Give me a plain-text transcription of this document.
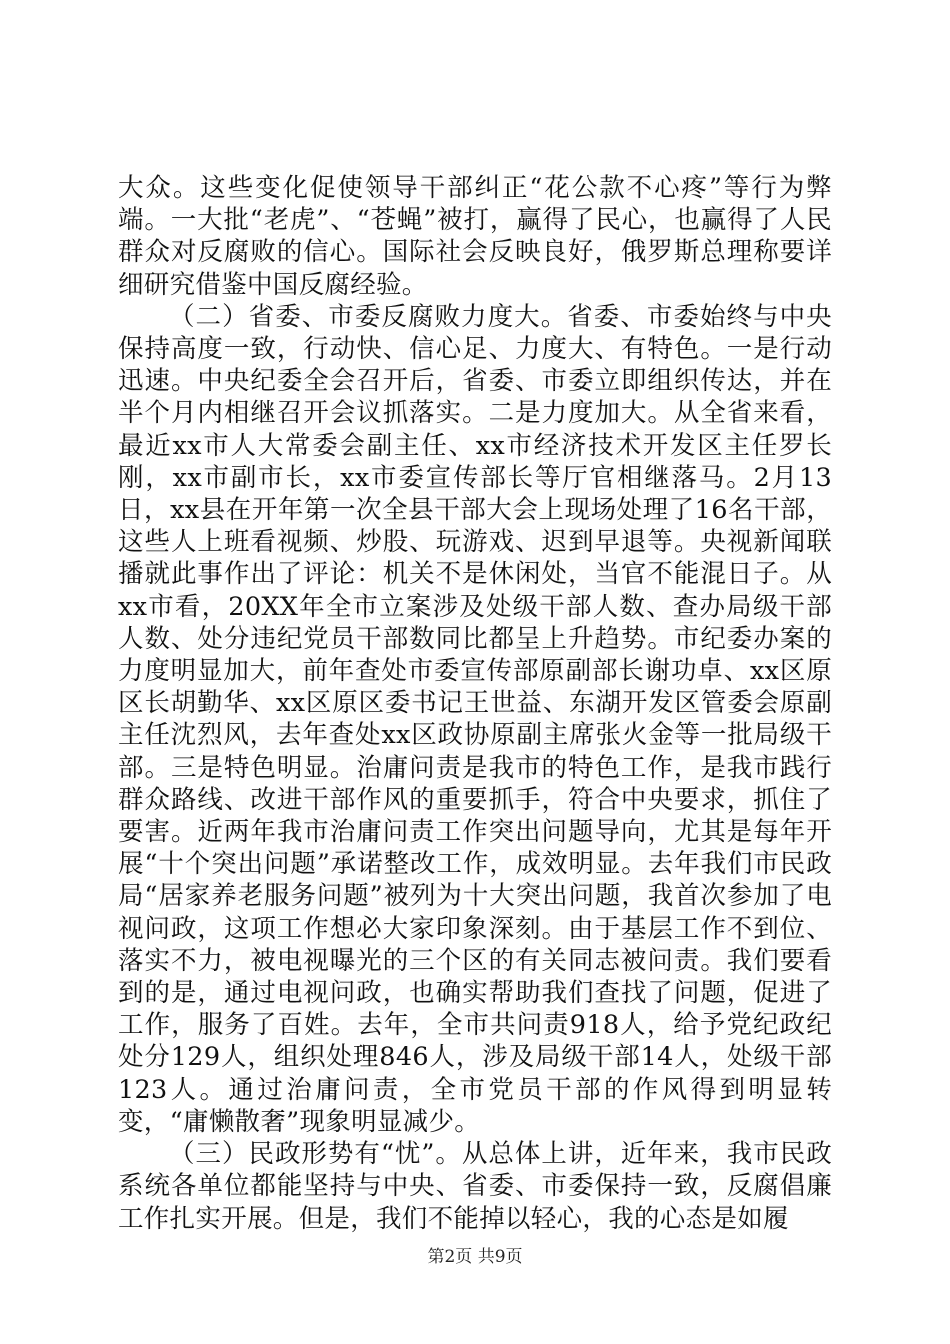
大众。这些变化促使领导干部纠正“花公款不心疼”等行为弊端。一大批“老虎”、“苍蝇”被打，赢得了民心，也赢得了人民群众对反腐败的信心。国际社会反映良好，俄罗斯总理称要详细研究借鉴中国反腐经验。

（二）省委、市委反腐败力度大。省委、市委始终与中央保持高度一致，行动快、信心足、力度大、有特色。一是行动迅速。中央纪委全会召开后，省委、市委立即组织传达，并在半个月内相继召开会议抓落实。二是力度加大。从全省来看，最近xx市人大常委会副主任、xx市经济技术开发区主任罗长刚，xx市副市长，xx市委宣传部长等厅官相继落马。2月13日，xx县在开年第一次全县干部大会上现场处理了16名干部，这些人上班看视频、炒股、玩游戏、迟到早退等。央视新闻联播就此事作出了评论：机关不是休闲处，当官不能混日子。从xx市看，20XX年全市立案涉及处级干部人数、查办局级干部人数、处分违纪党员干部数同比都呈上升趋势。市纪委办案的力度明显加大，前年查处市委宣传部原副部长谢功卓、xx区原区长胡勤华、xx区原区委书记王世益、东湖开发区管委会原副主任沈烈风，去年查处xx区政协原副主席张火金等一批局级干部。三是特色明显。治庸问责是我市的特色工作，是我市践行群众路线、改进干部作风的重要抓手，符合中央要求，抓住了要害。近两年我市治庸问责工作突出问题导向，尤其是每年开展“十个突出问题”承诺整改工作，成效明显。去年我们市民政局“居家养老服务问题”被列为十大突出问题，我首次参加了电视问政，这项工作想必大家印象深刻。由于基层工作不到位、落实不力，被电视曝光的三个区的有关同志被问责。我们要看到的是，通过电视问政，也确实帮助我们查找了问题，促进了工作，服务了百姓。去年，全市共问责918人，给予党纪政纪处分129人，组织处理846人，涉及局级干部14人，处级干部123人。通过治庸问责，全市党员干部的作风得到明显转变，“庸懒散奢”现象明显减少。

（三）民政形势有“忧”。从总体上讲，近年来，我市民政系统各单位都能坚持与中央、省委、市委保持一致，反腐倡廉工作扎实开展。但是，我们不能掉以轻心，我的心态是如履

第2页 共9页
